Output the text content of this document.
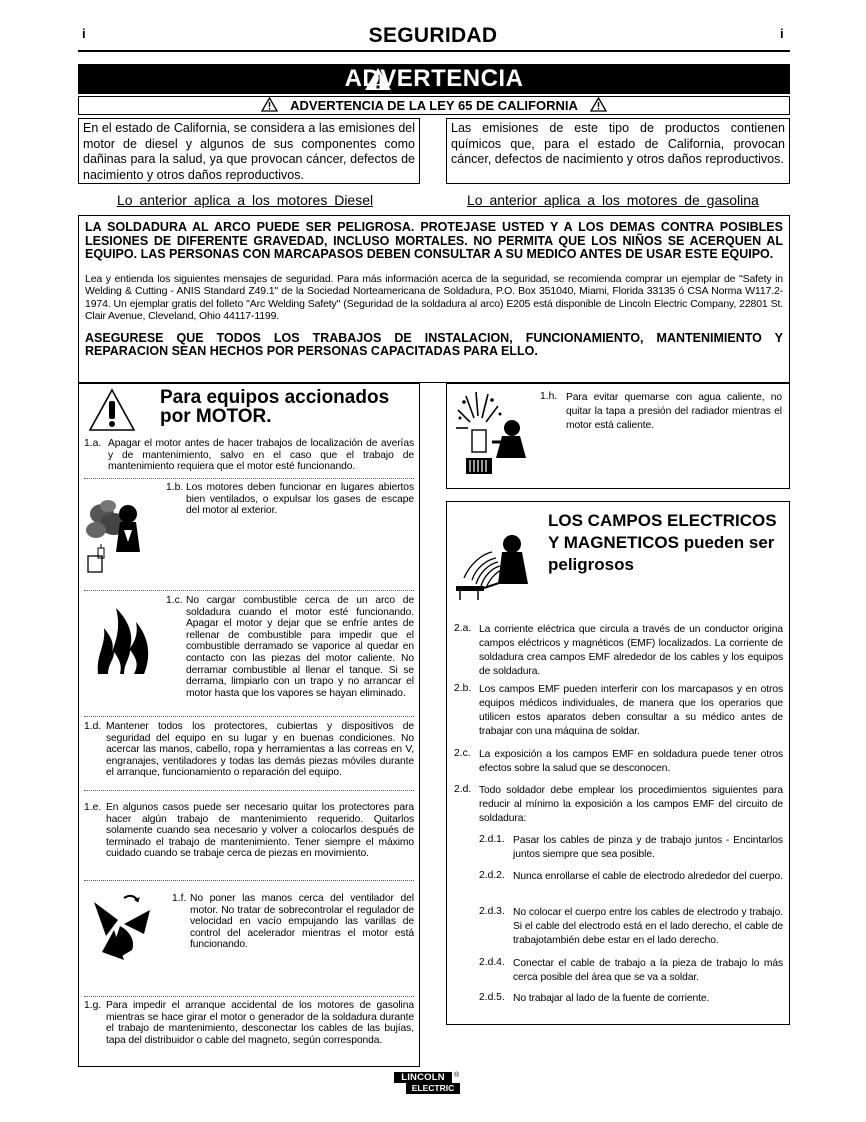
i	SEGURIDAD	i
ADVERTENCIA
ADVERTENCIA DE LA LEY 65 DE CALIFORNIA
En el estado de California, se considera a las emisiones del motor de diesel y algunos de sus componentes como dañinas para la salud, ya que provocan cáncer, defectos de nacimiento y otros daños reproductivos.
Las emisiones de este tipo de productos contienen químicos que, para el estado de California, provocan cáncer, defectos de nacimiento y otros daños reproductivos.
Lo anterior aplica a los motores Diesel	Lo anterior aplica a los motores de gasolina
LA SOLDADURA AL ARCO PUEDE SER PELIGROSA. PROTEJASE USTED Y A LOS DEMAS CONTRA POSIBLES LESIONES DE DIFERENTE GRAVEDAD, INCLUSO MORTALES. NO PERMITA QUE LOS NIÑOS SE ACERQUEN AL EQUIPO. LAS PERSONAS CON MARCAPASOS DEBEN CONSULTAR A SU MEDICO ANTES DE USAR ESTE EQUIPO.
Lea y entienda los siguientes mensajes de seguridad. Para más información acerca de la seguridad, se recomienda comprar un ejemplar de "Safety in Welding & Cutting - ANIS Standard Z49.1" de la Sociedad Norteamericana de Soldadura, P.O. Box 351040, Miami, Florida 33135 ó CSA Norma W117.2-1974. Un ejemplar gratis del folleto "Arc Welding Safety" (Seguridad de la soldadura al arco) E205 está disponible de Lincoln Electric Company, 22801 St. Clair Avenue, Cleveland, Ohio 44117-1199.
ASEGURESE QUE TODOS LOS TRABAJOS DE INSTALACION, FUNCIONAMIENTO, MANTENIMIENTO Y REPARACION SEAN HECHOS POR PERSONAS CAPACITADAS PARA ELLO.
Para equipos accionados por MOTOR.
1.a. Apagar el motor antes de hacer trabajos de localización de averías y de mantenimiento, salvo en el caso que el trabajo de mantenimiento requiera que el motor esté funcionando.
1.b. Los motores deben funcionar en lugares abiertos bien ventilados, o expulsar los gases de escape del motor al exterior.
1.c. No cargar combustible cerca de un arco de soldadura cuando el motor esté funcionando. Apagar el motor y dejar que se enfríe antes de rellenar de combustible para impedir que el combustible derramado se vaporice al quedar en contacto con las piezas del motor caliente. No derramar combustible al llenar el tanque. Si se derrama, limpiarlo con un trapo y no arrancar el motor hasta que los vapores se hayan eliminado.
1.d. Mantener todos los protectores, cubiertas y dispositivos de seguridad del equipo en su lugar y en buenas condiciones. No acercar las manos, cabello, ropa y herramientas a las correas en V, engranajes, ventiladores y todas las demás piezas móviles durante el arranque, funcionamiento o reparación del equipo.
1.e. En algunos casos puede ser necesario quitar los protectores para hacer algún trabajo de mantenimiento requerido. Quitarlos solamente cuando sea necesario y volver a colocarlos después de terminado el trabajo de mantenimiento. Tener siempre el máximo cuidado cuando se trabaje cerca de piezas en movimiento.
1.f. No poner las manos cerca del ventilador del motor. No tratar de sobrecontrolar el regulador de velocidad en vacío empujando las varillas de control del acelerador mientras el motor está funcionando.
1.g. Para impedir el arranque accidental de los motores de gasolina mientras se hace girar el motor o generador de la soldadura durante el trabajo de mantenimiento, desconectar los cables de las bujías, tapa del distribuidor o cable del magneto, según corresponda.
1.h. Para evitar quemarse con agua caliente, no quitar la tapa a presión del radiador mientras el motor está caliente.
LOS CAMPOS ELECTRICOS Y MAGNETICOS pueden ser peligrosos
2.a. La corriente eléctrica que circula a través de un conductor origina campos eléctricos y magnéticos (EMF) localizados. La corriente de soldadura crea campos EMF alrededor de los cables y los equipos de soldadura.
2.b. Los campos EMF pueden interferir con los marcapasos y en otros equipos médicos individuales, de manera que los operarios que utilicen estos aparatos deben consultar a su médico antes de trabajar con una máquina de soldar.
2.c. La exposición a los campos EMF en soldadura puede tener otros efectos sobre la salud que se desconocen.
2.d. Todo soldador debe emplear los procedimientos siguientes para reducir al mínimo la exposición a los campos EMF del circuito de soldadura:
2.d.1. Pasar los cables de pinza y de trabajo juntos - Encintarlos juntos siempre que sea posible.
2.d.2. Nunca enrollarse el cable de electrodo alrededor del cuerpo.
2.d.3. No colocar el cuerpo entre los cables de electrodo y trabajo. Si el cable del electrodo está en el lado derecho, el cable de trabajotambién debe estar en el lado derecho.
2.d.4. Conectar el cable de trabajo a la pieza de trabajo lo más cerca posible del área que se va a soldar.
2.d.5. No trabajar al lado de la fuente de corriente.
LINCOLN
ELECTRIC
®
